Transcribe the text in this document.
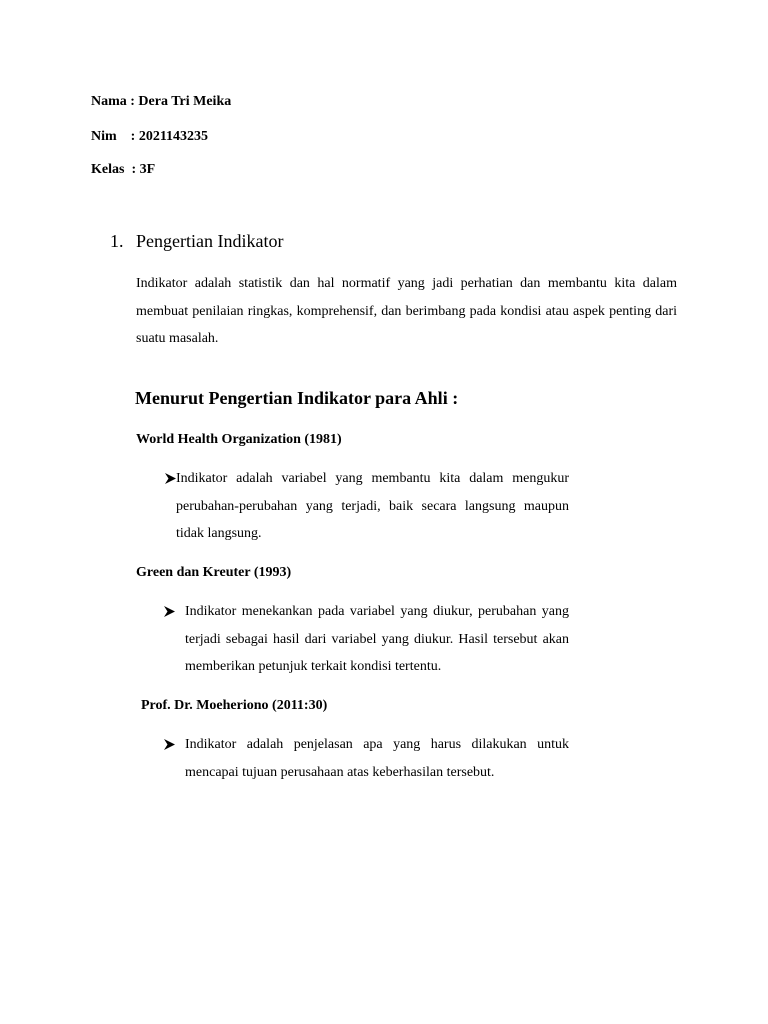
Nama : Dera Tri Meika
Nim    : 2021143235
Kelas  : 3F
1. Pengertian Indikator
Indikator adalah statistik dan hal normatif yang jadi perhatian dan membantu kita dalam membuat penilaian ringkas, komprehensif, dan berimbang pada kondisi atau aspek penting dari suatu masalah.
Menurut Pengertian Indikator para Ahli :
World Health Organization (1981)
Indikator adalah variabel yang membantu kita dalam mengukur perubahan-perubahan yang terjadi, baik secara langsung maupun tidak langsung.
Green dan Kreuter (1993)
Indikator menekankan pada variabel yang diukur, perubahan yang terjadi sebagai hasil dari variabel yang diukur. Hasil tersebut akan memberikan petunjuk terkait kondisi tertentu.
Prof. Dr. Moeheriono (2011:30)
Indikator adalah penjelasan apa yang harus dilakukan untuk mencapai tujuan perusahaan atas keberhasilan tersebut.
